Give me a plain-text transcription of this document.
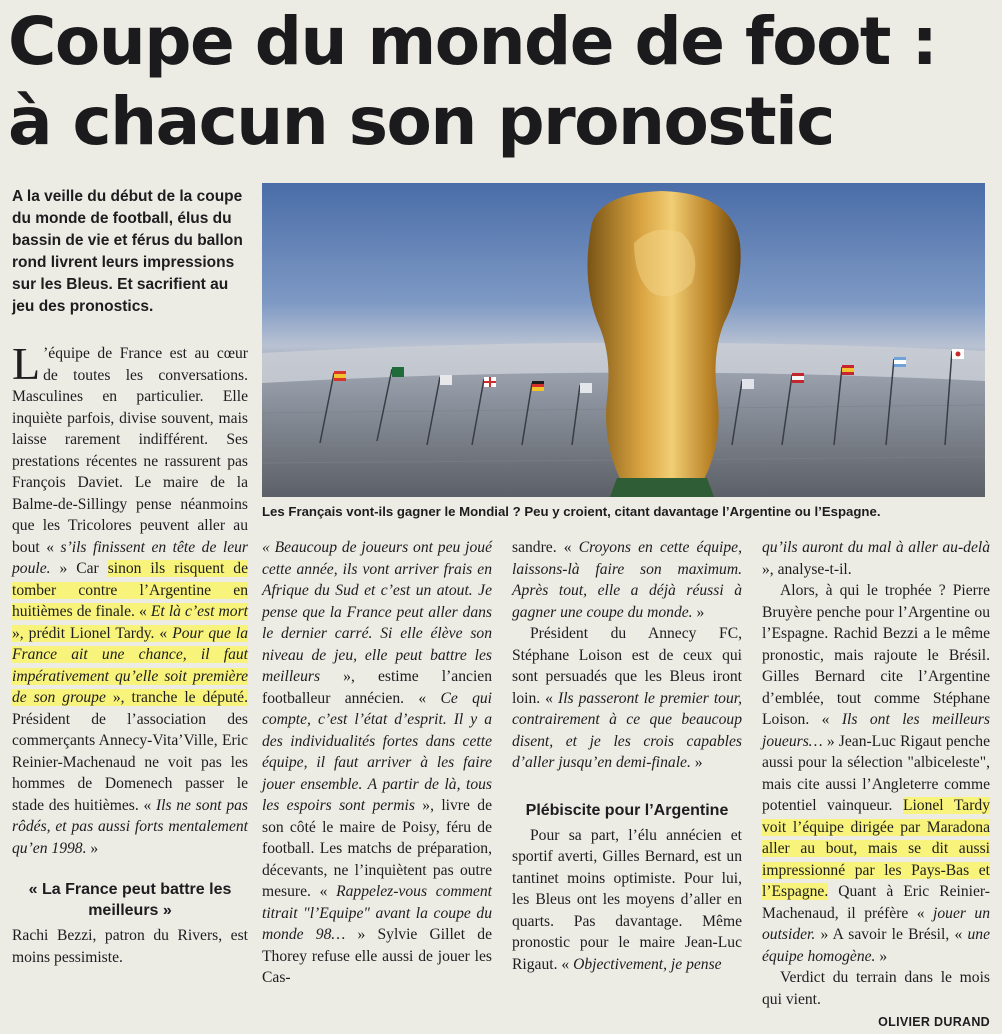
Coupe du monde de foot :
à chacun son pronostic

A la veille du début de la coupe du monde de football, élus du bassin de vie et férus du ballon rond livrent leurs impressions sur les Bleus. Et sacrifient au jeu des pronostics.

Les Français vont-ils gagner le Mondial ? Peu y croient, citant davantage l’Argentine ou l’Espagne.

L ’équipe de France est au cœur de toutes les conversations. Masculines en particulier. Elle inquiète parfois, divise souvent, mais laisse rarement indifférent. Ses prestations récentes ne rassurent pas François Daviet. Le maire de la Balme-de-Sillingy pense néanmoins que les Tricolores peuvent aller au bout « s’ils finissent en tête de leur poule. » Car sinon ils risquent de tomber contre l’Argentine en huitièmes de finale. « Et là c’est mort », prédit Lionel Tardy. « Pour que la France ait une chance, il faut impérativement qu’elle soit première de son groupe », tranche le député. Président de l’association des commerçants Annecy-Vita’Ville, Eric Reinier-Machenaud ne voit pas les hommes de Domenech passer le stade des huitièmes. « Ils ne sont pas rôdés, et pas aussi forts mentalement qu’en 1998. »

« La France peut battre les meilleurs »

Rachi Bezzi, patron du Rivers, est moins pessimiste.

« Beaucoup de joueurs ont peu joué cette année, ils vont arriver frais en Afrique du Sud et c’est un atout. Je pense que la France peut aller dans le dernier carré. Si elle élève son niveau de jeu, elle peut battre les meilleurs », estime l’ancien footballeur annécien. « Ce qui compte, c’est l’état d’esprit. Il y a des individualités fortes dans cette équipe, il faut arriver à les faire jouer ensemble. A partir de là, tous les espoirs sont permis », livre de son côté le maire de Poisy, féru de football. Les matchs de préparation, décevants, ne l’inquiètent pas outre mesure. « Rappelez-vous comment titrait "l’Equipe" avant la coupe du monde 98… » Sylvie Gillet de Thorey refuse elle aussi de jouer les Cas-

sandre. « Croyons en cette équipe, laissons-là faire son maximum. Après tout, elle a déjà réussi à gagner une coupe du monde. »

Président du Annecy FC, Stéphane Loison est de ceux qui sont persuadés que les Bleus iront loin. « Ils passeront le premier tour, contrairement à ce que beaucoup disent, et je les crois capables d’aller jusqu’en demi-finale. »

Plébiscite pour l’Argentine

Pour sa part, l’élu annécien et sportif averti, Gilles Bernard, est un tantinet moins optimiste. Pour lui, les Bleus ont les moyens d’aller en quarts. Pas davantage. Même pronostic pour le maire Jean-Luc Rigaut. « Objectivement, je pense

qu’ils auront du mal à aller au-delà », analyse-t-il.

Alors, à qui le trophée ? Pierre Bruyère penche pour l’Argentine ou l’Espagne. Rachid Bezzi a le même pronostic, mais rajoute le Brésil. Gilles Bernard cite l’Argentine d’emblée, tout comme Stéphane Loison. « Ils ont les meilleurs joueurs… » Jean-Luc Rigaut penche aussi pour la sélection "albiceleste", mais cite aussi l’Angleterre comme potentiel vainqueur. Lionel Tardy voit l’équipe dirigée par Maradona aller au bout, mais se dit aussi impressionné par les Pays-Bas et l’Espagne. Quant à Eric Reinier-Machenaud, il préfère « jouer un outsider. » A savoir le Brésil, « une équipe homogène. »

Verdict du terrain dans le mois qui vient.

OLIVIER DURAND
